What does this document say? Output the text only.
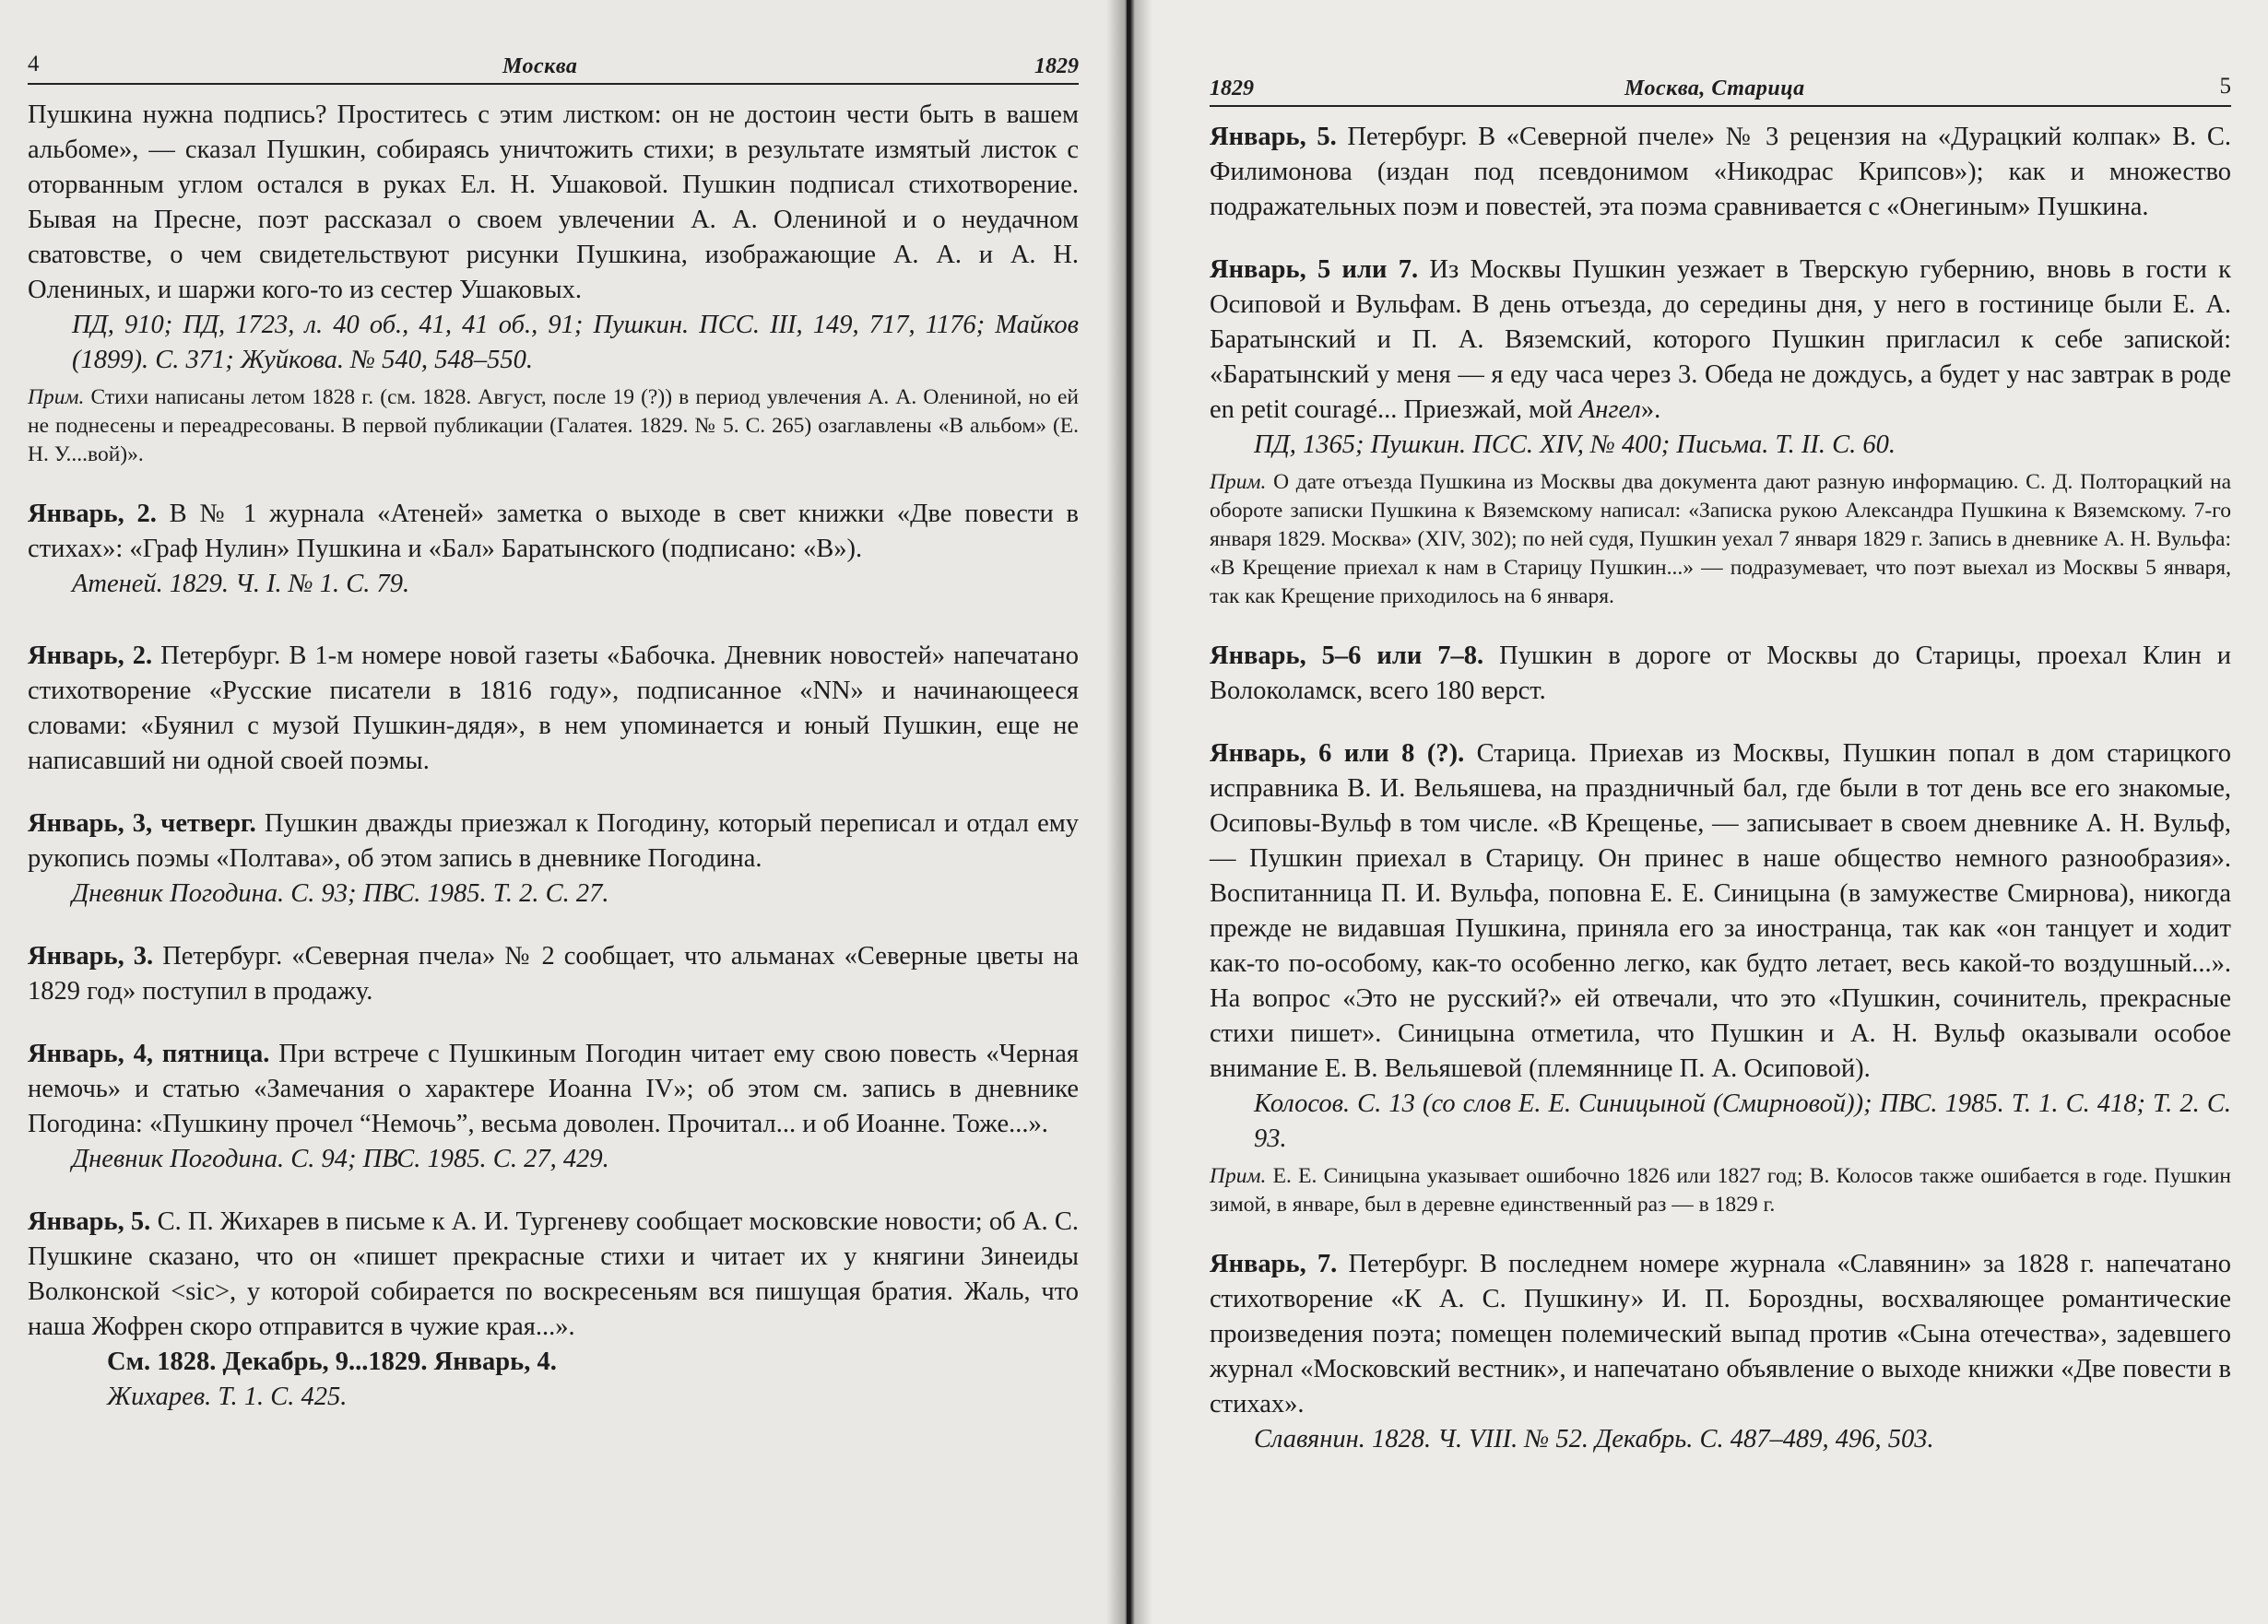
4	Москва	1829

Пушкина нужна подпись? Проститесь с этим листком: он не достоин чести быть в вашем альбоме», — сказал Пушкин, собираясь уничтожить стихи; в результате измятый листок с оторванным углом остался в руках Ел. Н. Ушаковой. Пушкин подписал стихотворение. Бывая на Пресне, поэт рассказал о своем увлечении А. А. Олениной и о неудачном сватовстве, о чем свидетельствуют рисунки Пушкина, изображающие А. А. и А. Н. Олениных, и шаржи кого-то из сестер Ушаковых.

ПД, 910; ПД, 1723, л. 40 об., 41, 41 об., 91; Пушкин. ПСС. III, 149, 717, 1176; Майков (1899). С. 371; Жуйкова. № 540, 548–550.

Прим. Стихи написаны летом 1828 г. (см. 1828. Август, после 19 (?)) в период увлечения А. А. Олениной, но ей не поднесены и переадресованы. В первой публикации (Галатея. 1829. № 5. С. 265) озаглавлены «В альбом» (Е. Н. У....вой)».

Январь, 2. В № 1 журнала «Атеней» заметка о выходе в свет книжки «Две повести в стихах»: «Граф Нулин» Пушкина и «Бал» Баратынского (подписано: «В»).

Атеней. 1829. Ч. I. № 1. С. 79.

Январь, 2. Петербург. В 1-м номере новой газеты «Бабочка. Дневник новостей» напечатано стихотворение «Русские писатели в 1816 году», подписанное «NN» и начинающееся словами: «Буянил с музой Пушкин-дядя», в нем упоминается и юный Пушкин, еще не написавший ни одной своей поэмы.

Январь, 3, четверг. Пушкин дважды приезжал к Погодину, который переписал и отдал ему рукопись поэмы «Полтава», об этом запись в дневнике Погодина.

Дневник Погодина. С. 93; ПВС. 1985. Т. 2. С. 27.

Январь, 3. Петербург. «Северная пчела» № 2 сообщает, что альманах «Северные цветы на 1829 год» поступил в продажу.

Январь, 4, пятница. При встрече с Пушкиным Погодин читает ему свою повесть «Черная немочь» и статью «Замечания о характере Иоанна IV»; об этом см. запись в дневнике Погодина: «Пушкину прочел “Немочь”, весьма доволен. Прочитал... и об Иоанне. Тоже...».

Дневник Погодина. С. 94; ПВС. 1985. С. 27, 429.

Январь, 5. С. П. Жихарев в письме к А. И. Тургеневу сообщает московские новости; об А. С. Пушкине сказано, что он «пишет прекрасные стихи и читает их у княгини Зинеиды Волконской <sic>, у которой собирается по воскресеньям вся пишущая братия. Жаль, что наша Жофрен скоро отправится в чужие края...».

См. 1828. Декабрь, 9...1829. Январь, 4.

Жихарев. Т. 1. С. 425.

1829	Москва, Старица	5

Январь, 5. Петербург. В «Северной пчеле» № 3 рецензия на «Дурацкий колпак» В. С. Филимонова (издан под псевдонимом «Никодрас Крипсов»); как и множество подражательных поэм и повестей, эта поэма сравнивается с «Онегиным» Пушкина.

Январь, 5 или 7. Из Москвы Пушкин уезжает в Тверскую губернию, вновь в гости к Осиповой и Вульфам. В день отъезда, до середины дня, у него в гостинице были Е. А. Баратынский и П. А. Вяземский, которого Пушкин пригласил к себе запиской: «Баратынский у меня — я еду часа через 3. Обеда не дождусь, а будет у нас завтрак в роде en petit couragé... Приезжай, мой Ангел».

ПД, 1365; Пушкин. ПСС. XIV, № 400; Письма. Т. II. С. 60.

Прим. О дате отъезда Пушкина из Москвы два документа дают разную информацию. С. Д. Полторацкий на обороте записки Пушкина к Вяземскому написал: «Записка рукою Александра Пушкина к Вяземскому. 7-го января 1829. Москва» (XIV, 302); по ней судя, Пушкин уехал 7 января 1829 г. Запись в дневнике А. Н. Вульфа: «В Крещение приехал к нам в Старицу Пушкин...» — подразумевает, что поэт выехал из Москвы 5 января, так как Крещение приходилось на 6 января.

Январь, 5–6 или 7–8. Пушкин в дороге от Москвы до Старицы, проехал Клин и Волоколамск, всего 180 верст.

Январь, 6 или 8 (?). Старица. Приехав из Москвы, Пушкин попал в дом старицкого исправника В. И. Вельяшева, на праздничный бал, где были в тот день все его знакомые, Осиповы-Вульф в том числе. «В Крещенье, — записывает в своем дневнике А. Н. Вульф, — Пушкин приехал в Старицу. Он принес в наше общество немного разнообразия». Воспитанница П. И. Вульфа, поповна Е. Е. Синицына (в замужестве Смирнова), никогда прежде не видавшая Пушкина, приняла его за иностранца, так как «он танцует и ходит как-то по-особому, как-то особенно легко, как будто летает, весь какой-то воздушный...». На вопрос «Это не русский?» ей отвечали, что это «Пушкин, сочинитель, прекрасные стихи пишет». Синицына отметила, что Пушкин и А. Н. Вульф оказывали особое внимание Е. В. Вельяшевой (племяннице П. А. Осиповой).

Колосов. С. 13 (со слов Е. Е. Синицыной (Смирновой)); ПВС. 1985. Т. 1. С. 418; Т. 2. С. 93.

Прим. Е. Е. Синицына указывает ошибочно 1826 или 1827 год; В. Колосов также ошибается в годе. Пушкин зимой, в январе, был в деревне единственный раз — в 1829 г.

Январь, 7. Петербург. В последнем номере журнала «Славянин» за 1828 г. напечатано стихотворение «К А. С. Пушкину» И. П. Бороздны, восхваляющее романтические произведения поэта; помещен полемический выпад против «Сына отечества», задевшего журнал «Московский вестник», и напечатано объявление о выходе книжки «Две повести в стихах».

Славянин. 1828. Ч. VIII. № 52. Декабрь. С. 487–489, 496, 503.
